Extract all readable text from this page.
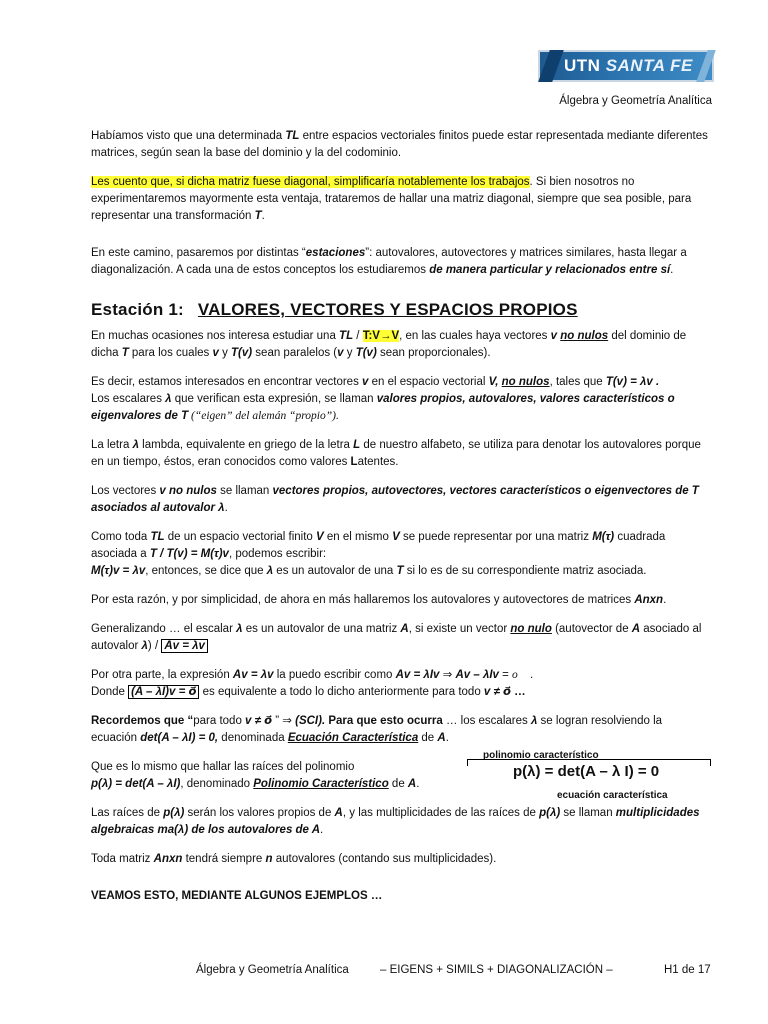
UTN SANTA FE
Álgebra y Geometría Analítica

Habíamos visto que una determinada TL entre espacios vectoriales finitos puede estar representada mediante diferentes matrices, según sean la base del dominio y la del codominio.

Les cuento que, si dicha matriz fuese diagonal, simplificaría notablemente los trabajos. Si bien nosotros no experimentaremos mayormente esta ventaja, trataremos de hallar una matriz diagonal, siempre que sea posible, para representar una transformación T.

En este camino, pasaremos por distintas “estaciones”: autovalores, autovectores y matrices similares, hasta llegar a diagonalización. A cada una de estos conceptos los estudiaremos de manera particular y relacionados entre sí.

Estación 1: VALORES, VECTORES Y ESPACIOS PROPIOS

En muchas ocasiones nos interesa estudiar una TL / T:V→V, en las cuales haya vectores v no nulos del dominio de dicha T para los cuales v y T(v) sean paralelos (v y T(v) sean proporcionales).

Es decir, estamos interesados en encontrar vectores v en el espacio vectorial V, no nulos, tales que T(v) = λv .
Los escalares λ que verifican esta expresión, se llaman valores propios, autovalores, valores característicos o eigenvalores de T (“eigen” del alemán “propio”).

La letra λ lambda, equivalente en griego de la letra L de nuestro alfabeto, se utiliza para denotar los autovalores porque en un tiempo, éstos, eran conocidos como valores Latentes.

Los vectores v no nulos se llaman vectores propios, autovectores, vectores característicos o eigenvectores de T asociados al autovalor λ.

Como toda TL de un espacio vectorial finito V en el mismo V se puede representar por una matriz M(τ) cuadrada asociada a T / T(v) = M(τ)v, podemos escribir:
M(τ)v = λv, entonces, se dice que λ es un autovalor de una T si lo es de su correspondiente matriz asociada.

Por esta razón, y por simplicidad, de ahora en más hallaremos los autovalores y autovectores de matrices Anxn.

Generalizando … el escalar λ es un autovalor de una matriz A, si existe un vector no nulo (autovector de A asociado al autovalor λ) / Av = λv

Por otra parte, la expresión Av = λv la puedo escribir como Av = λIv ⇒ Av – λIv = o⃗ .
Donde (A – λI)v = o⃗ es equivalente a todo lo dicho anteriormente para todo v ≠ o⃗ …

Recordemos que “para todo v ≠ o⃗ ” ⇒ (SCI). Para que esto ocurra … los escalares λ se logran resolviendo la ecuación det(A – λI) = 0, denominada Ecuación Característica de A.

Que es lo mismo que hallar las raíces del polinomio
p(λ) = det(A – λI), denominado Polinomio Característico de A.

polinomio característico
p(λ) = det(A – λ I) = 0
ecuación característica

Las raíces de p(λ) serán los valores propios de A, y las multiplicidades de las raíces de p(λ) se llaman multiplicidades algebraicas ma(λ) de los autovalores de A.

Toda matriz Anxn tendrá siempre n autovalores (contando sus multiplicidades).

VEAMOS ESTO, MEDIANTE ALGUNOS EJEMPLOS …

Álgebra y Geometría Analítica	– EIGENS + SIMILS + DIAGONALIZACIÓN –	H1 de 17
